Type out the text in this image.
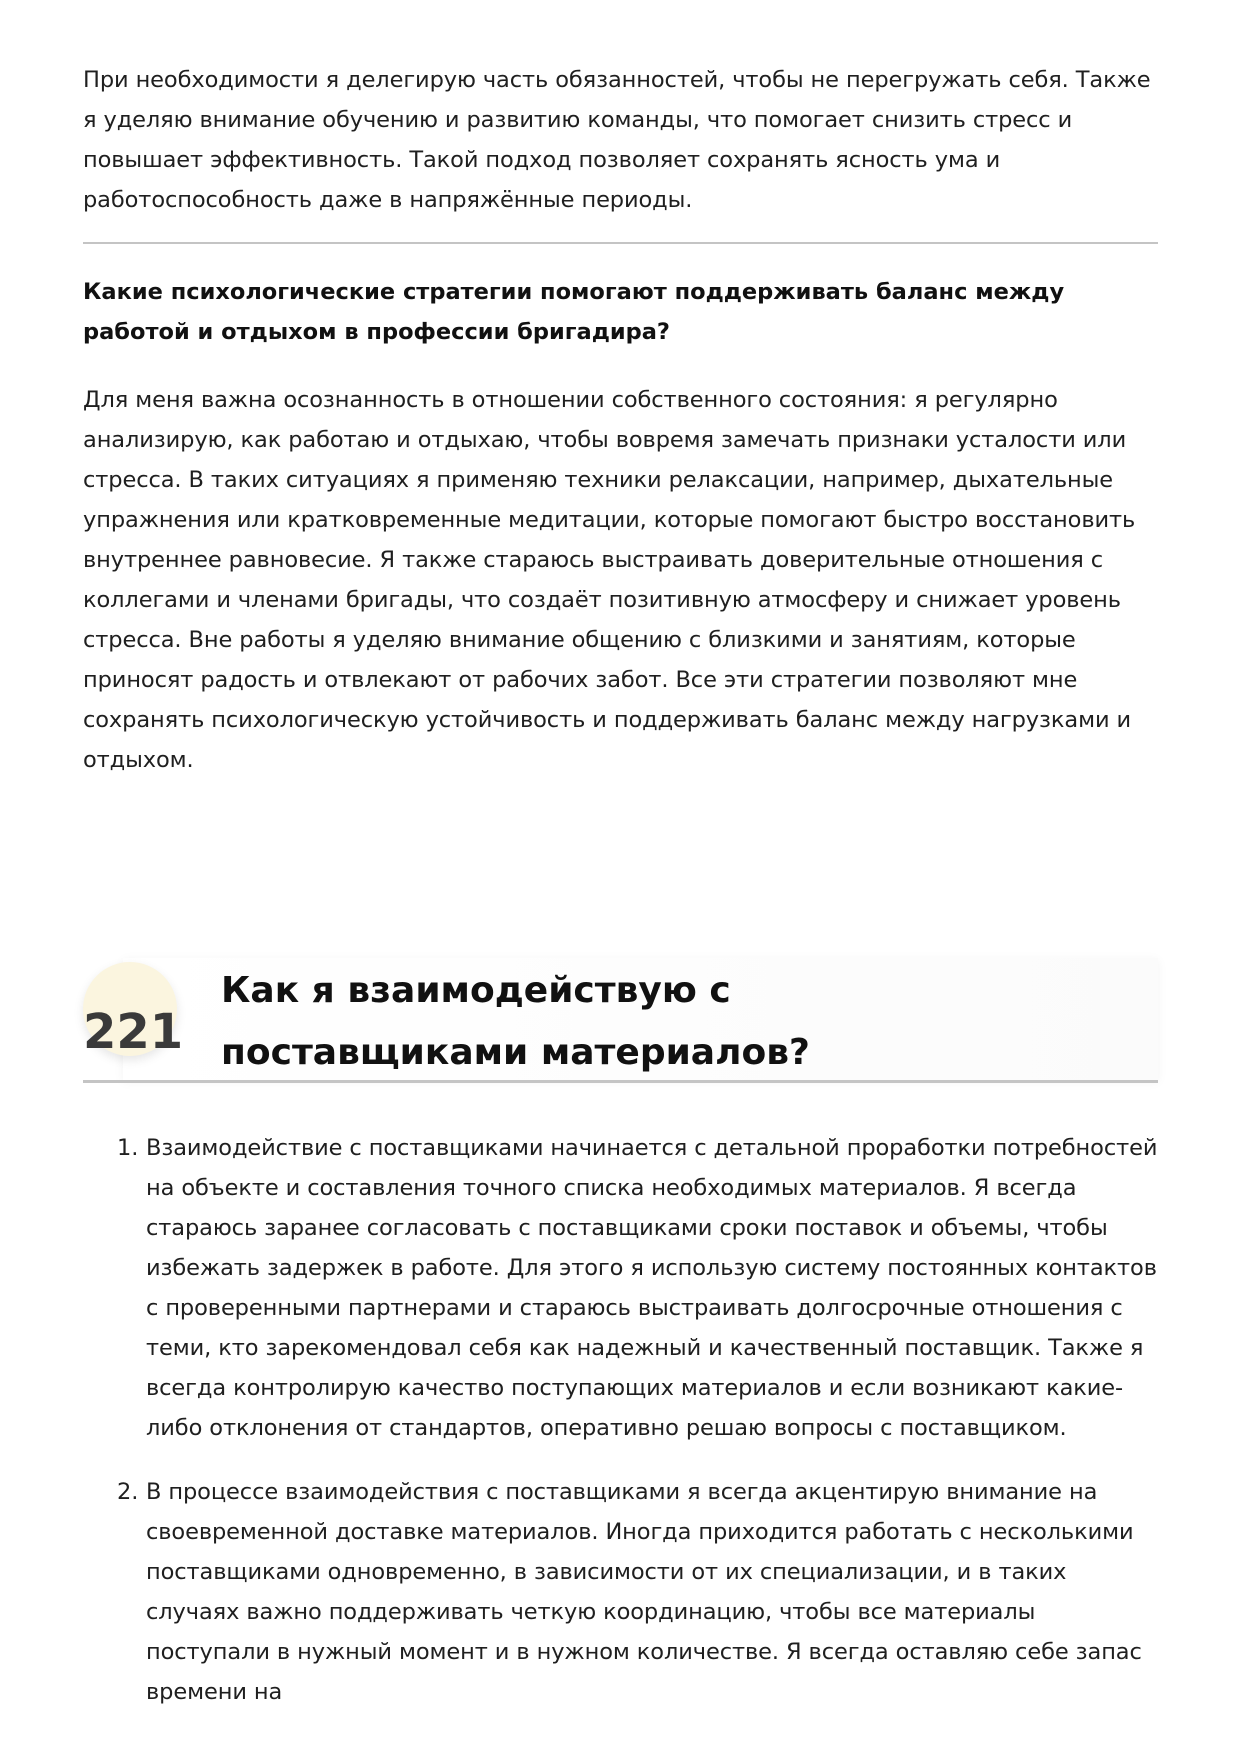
При необходимости я делегирую часть обязанностей, чтобы не перегружать себя. Также я уделяю внимание обучению и развитию команды, что помогает снизить стресс и повышает эффективность. Такой подход позволяет сохранять ясность ума и работоспособность даже в напряжённые периоды.

Какие психологические стратегии помогают поддерживать баланс между работой и отдыхом в профессии бригадира?

Для меня важна осознанность в отношении собственного состояния: я регулярно анализирую, как работаю и отдыхаю, чтобы вовремя замечать признаки усталости или стресса. В таких ситуациях я применяю техники релаксации, например, дыхательные упражнения или кратковременные медитации, которые помогают быстро восстановить внутреннее равновесие. Я также стараюсь выстраивать доверительные отношения с коллегами и членами бригады, что создаёт позитивную атмосферу и снижает уровень стресса. Вне работы я уделяю внимание общению с близкими и занятиям, которые приносят радость и отвлекают от рабочих забот. Все эти стратегии позволяют мне сохранять психологическую устойчивость и поддерживать баланс между нагрузками и отдыхом.

221
Как я взаимодействую с поставщиками материалов?
1. Взаимодействие с поставщиками начинается с детальной проработки потребностей на объекте и составления точного списка необходимых материалов. Я всегда стараюсь заранее согласовать с поставщиками сроки поставок и объемы, чтобы избежать задержек в работе. Для этого я использую систему постоянных контактов с проверенными партнерами и стараюсь выстраивать долгосрочные отношения с теми, кто зарекомендовал себя как надежный и качественный поставщик. Также я всегда контролирую качество поступающих материалов и если возникают какие-либо отклонения от стандартов, оперативно решаю вопросы с поставщиком.
2. В процессе взаимодействия с поставщиками я всегда акцентирую внимание на своевременной доставке материалов. Иногда приходится работать с несколькими поставщиками одновременно, в зависимости от их специализации, и в таких случаях важно поддерживать четкую координацию, чтобы все материалы поступали в нужный момент и в нужном количестве. Я всегда оставляю себе запас времени на
